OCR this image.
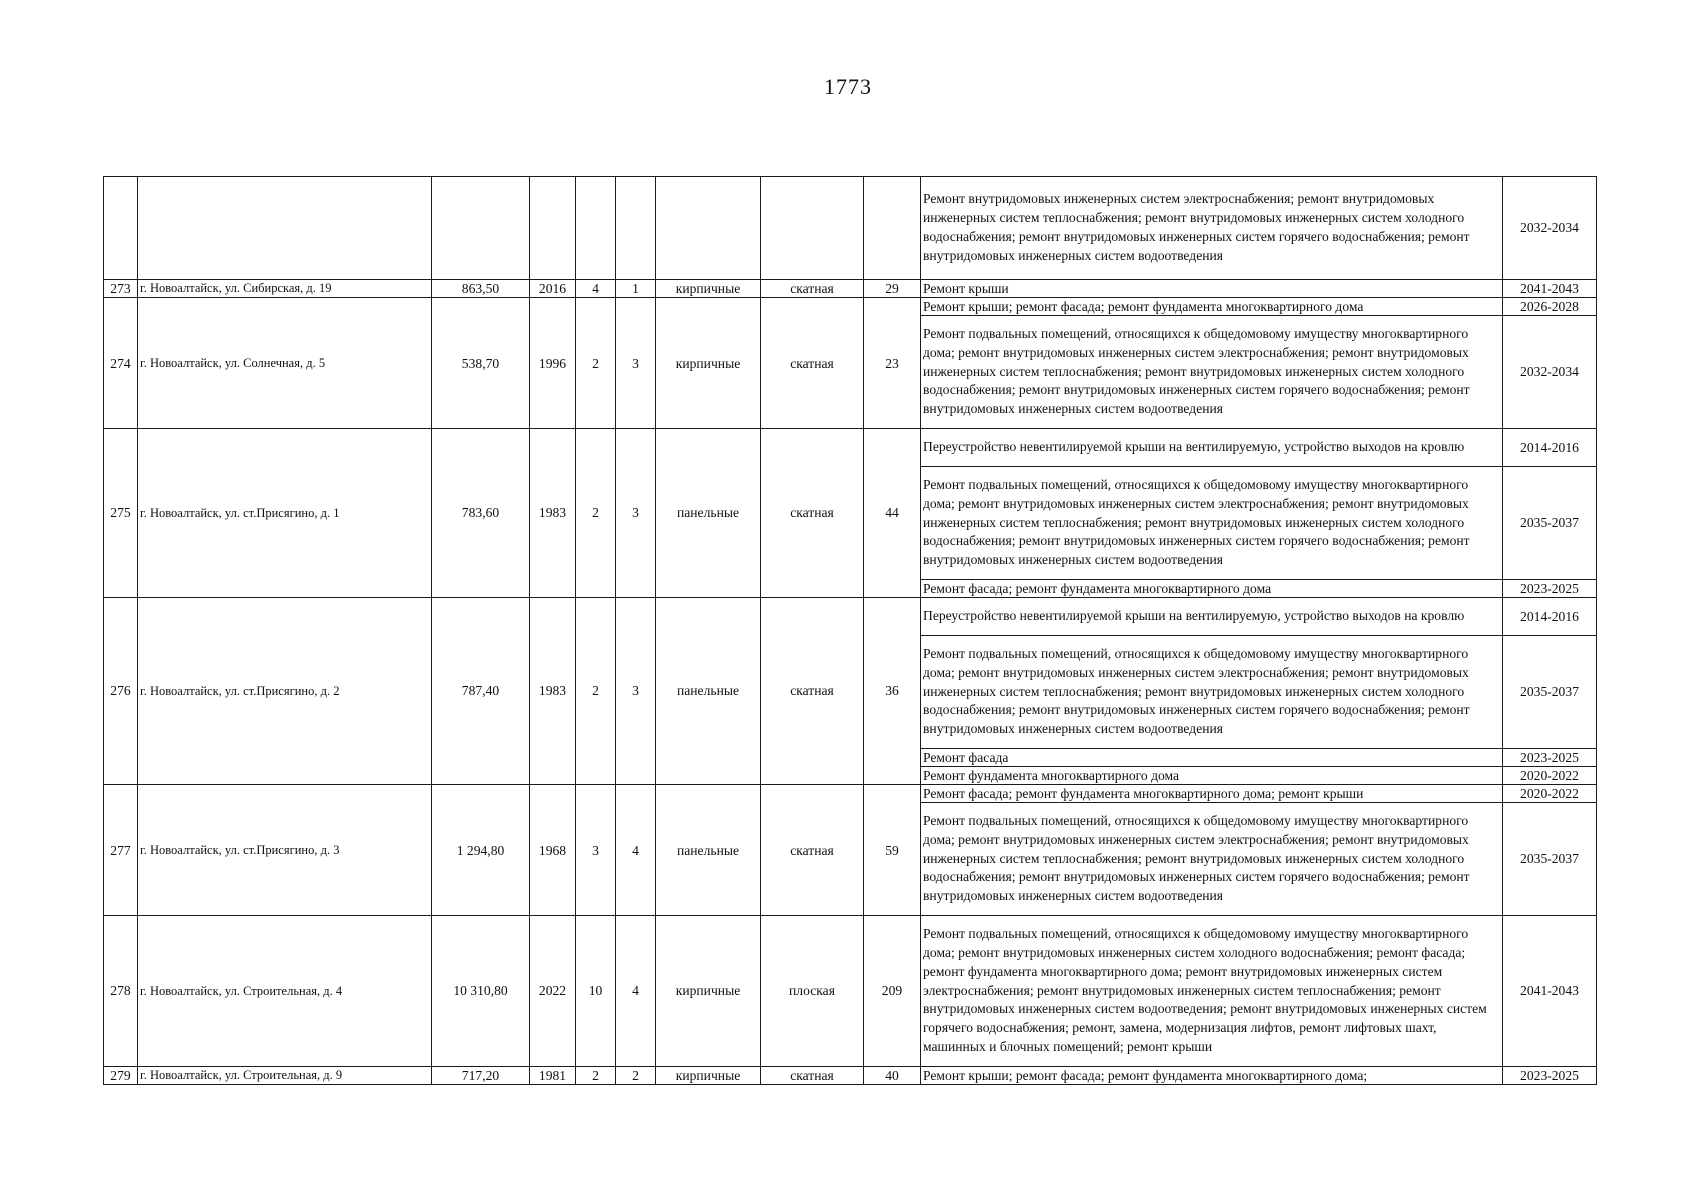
1773
									Ремонт внутридомовых инженерных систем электроснабжения; ремонт внутридомовых инженерных систем теплоснабжения; ремонт внутридомовых инженерных систем холодного водоснабжения; ремонт внутридомовых инженерных систем горячего водоснабжения; ремонт внутридомовых инженерных систем водоотведения	2032-2034
273	г. Новоалтайск, ул. Сибирская, д. 19	863,50	2016	4	1	кирпичные	скатная	29	Ремонт крыши	2041-2043
274	г. Новоалтайск, ул. Солнечная, д. 5	538,70	1996	2	3	кирпичные	скатная	23	Ремонт крыши; ремонт фасада; ремонт фундамента многоквартирного дома	2026-2028
									Ремонт подвальных помещений, относящихся к общедомовому имуществу многоквартирного дома; ремонт внутридомовых инженерных систем электроснабжения; ремонт внутридомовых инженерных систем теплоснабжения; ремонт внутридомовых инженерных систем холодного водоснабжения; ремонт внутридомовых инженерных систем горячего водоснабжения; ремонт внутридомовых инженерных систем водоотведения	2032-2034
275	г. Новоалтайск, ул. ст.Присягино, д. 1	783,60	1983	2	3	панельные	скатная	44	Переустройство невентилируемой крыши на вентилируемую, устройство выходов на кровлю	2014-2016
									Ремонт подвальных помещений, относящихся к общедомовому имуществу многоквартирного дома; ремонт внутридомовых инженерных систем электроснабжения; ремонт внутридомовых инженерных систем теплоснабжения; ремонт внутридомовых инженерных систем холодного водоснабжения; ремонт внутридомовых инженерных систем горячего водоснабжения; ремонт внутридомовых инженерных систем водоотведения	2035-2037
									Ремонт фасада; ремонт фундамента многоквартирного дома	2023-2025
276	г. Новоалтайск, ул. ст.Присягино, д. 2	787,40	1983	2	3	панельные	скатная	36	Переустройство невентилируемой крыши на вентилируемую, устройство выходов на кровлю	2014-2016
									Ремонт подвальных помещений, относящихся к общедомовому имуществу многоквартирного дома; ремонт внутридомовых инженерных систем электроснабжения; ремонт внутридомовых инженерных систем теплоснабжения; ремонт внутридомовых инженерных систем холодного водоснабжения; ремонт внутридомовых инженерных систем горячего водоснабжения; ремонт внутридомовых инженерных систем водоотведения	2035-2037
									Ремонт фасада	2023-2025
									Ремонт фундамента многоквартирного дома	2020-2022
277	г. Новоалтайск, ул. ст.Присягино, д. 3	1 294,80	1968	3	4	панельные	скатная	59	Ремонт фасада; ремонт фундамента многоквартирного дома; ремонт крыши	2020-2022
									Ремонт подвальных помещений, относящихся к общедомовому имуществу многоквартирного дома; ремонт внутридомовых инженерных систем электроснабжения; ремонт внутридомовых инженерных систем теплоснабжения; ремонт внутридомовых инженерных систем холодного водоснабжения; ремонт внутридомовых инженерных систем горячего водоснабжения; ремонт внутридомовых инженерных систем водоотведения	2035-2037
278	г. Новоалтайск, ул. Строительная, д. 4	10 310,80	2022	10	4	кирпичные	плоская	209	Ремонт подвальных помещений, относящихся к общедомовому имуществу многоквартирного дома; ремонт внутридомовых инженерных систем холодного водоснабжения; ремонт фасада; ремонт фундамента многоквартирного дома; ремонт внутридомовых инженерных систем электроснабжения; ремонт внутридомовых инженерных систем теплоснабжения; ремонт внутридомовых инженерных систем водоотведения; ремонт внутридомовых инженерных систем горячего водоснабжения; ремонт, замена, модернизация лифтов, ремонт лифтовых шахт, машинных и блочных помещений; ремонт крыши	2041-2043
279	г. Новоалтайск, ул. Строительная, д. 9	717,20	1981	2	2	кирпичные	скатная	40	Ремонт крыши; ремонт фасада; ремонт фундамента многоквартирного дома;	2023-2025
